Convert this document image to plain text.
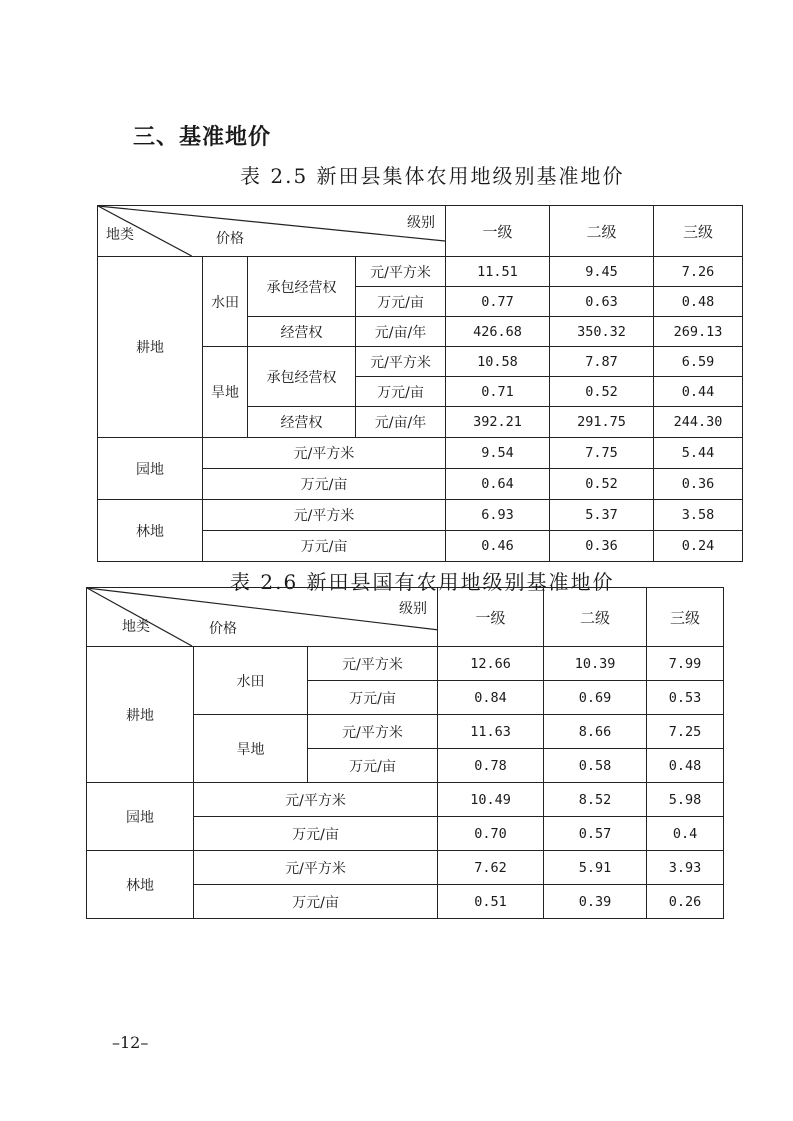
三、基准地价
表 2.5 新田县集体农用地级别基准地价
级别
价格
地类				一级	二级	三级
耕地	水田	承包经营权	元/平方米	11.51	9.45	7.26
			万元/亩	0.77	0.63	0.48
		经营权	元/亩/年	426.68	350.32	269.13
	旱地	承包经营权	元/平方米	10.58	7.87	6.59
			万元/亩	0.71	0.52	0.44
		经营权	元/亩/年	392.21	291.75	244.30
园地	元/平方米			9.54	7.75	5.44
	万元/亩			0.64	0.52	0.36
林地	元/平方米			6.93	5.37	3.58
	万元/亩			0.46	0.36	0.24
表 2.6 新田县国有农用地级别基准地价
级别
价格
地类			一级	二级	三级
耕地	水田	元/平方米	12.66	10.39	7.99
		万元/亩	0.84	0.69	0.53
	旱地	元/平方米	11.63	8.66	7.25
		万元/亩	0.78	0.58	0.48
园地	元/平方米		10.49	8.52	5.98
	万元/亩		0.70	0.57	0.4
林地	元/平方米		7.62	5.91	3.93
	万元/亩		0.51	0.39	0.26
–12–
